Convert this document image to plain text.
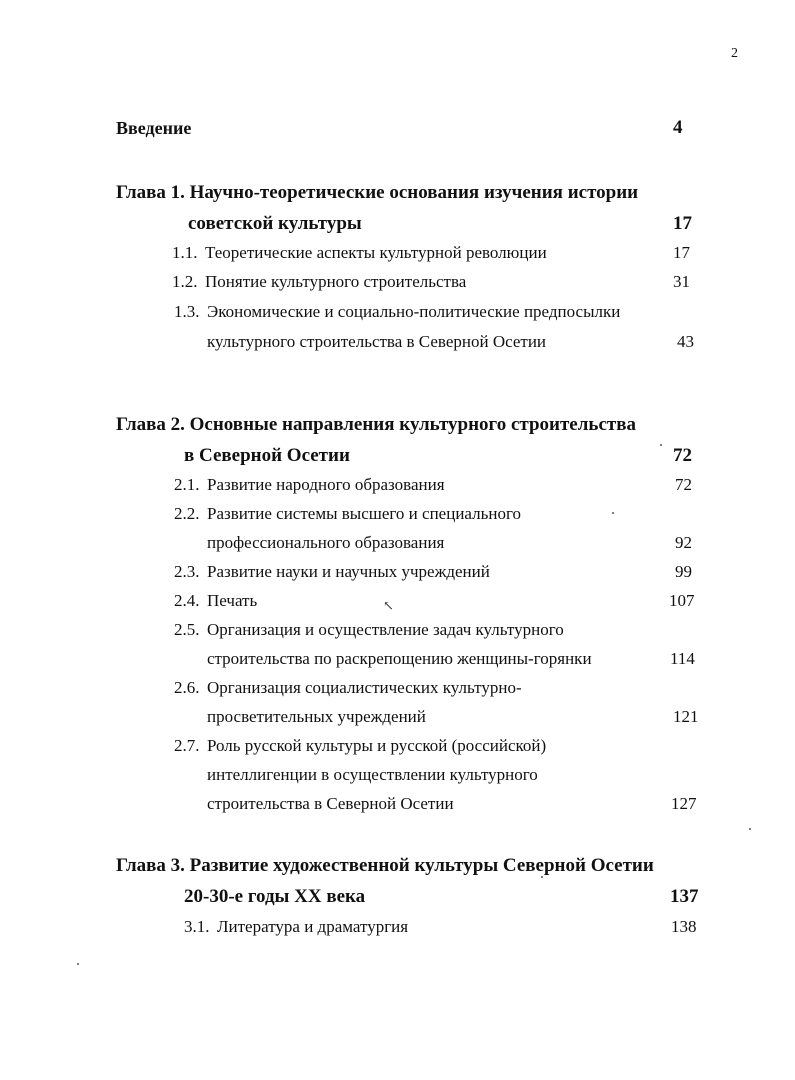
2
Введение	4
Глава 1. Научно-теоретические основания изучения истории
советской культуры	17
1.1. Теоретические аспекты культурной революции	17
1.2. Понятие культурного строительства	31
1.3. Экономические и социально-политические предпосылки
культурного строительства в Северной Осетии	43
Глава 2. Основные направления культурного строительства
в Северной Осетии	72
2.1. Развитие народного образования	72
2.2. Развитие системы высшего и специального
профессионального образования	92
2.3. Развитие науки и научных учреждений	99
2.4. Печать	107
2.5. Организация и осуществление задач культурного
строительства по раскрепощению женщины-горянки	114
2.6. Организация социалистических культурно-
просветительных учреждений	121
2.7. Роль русской культуры и русской (российской)
интеллигенции в осуществлении культурного
строительства в Северной Осетии	127
Глава 3. Развитие художественной культуры Северной Осетии
20-30-е годы XX века	137
3.1. Литература и драматургия	138
↖
